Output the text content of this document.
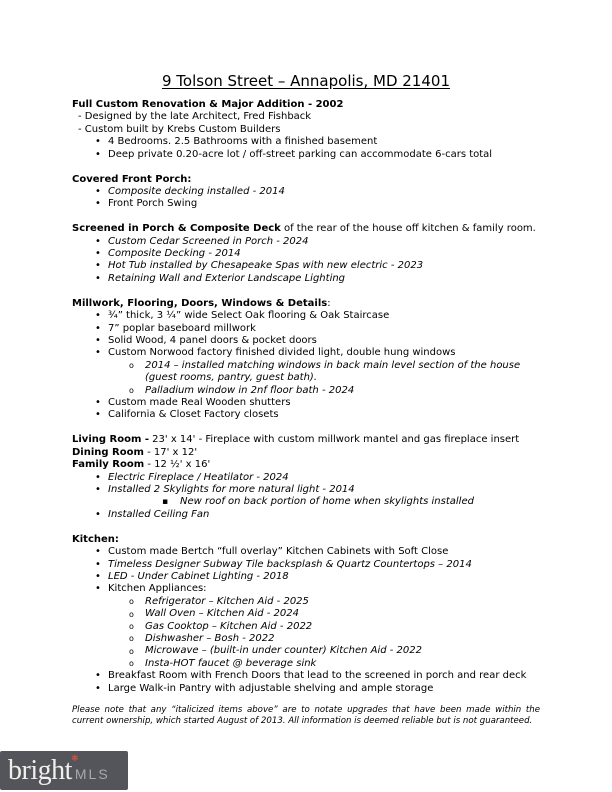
9 Tolson Street – Annapolis, MD 21401
Full Custom Renovation & Major Addition - 2002
- Designed by the late Architect, Fred Fishback
- Custom built by Krebs Custom Builders
• 4 Bedrooms. 2.5 Bathrooms with a finished basement
• Deep private 0.20-acre lot / off-street parking can accommodate 6-cars total
Covered Front Porch:
• Composite decking installed - 2014
• Front Porch Swing
Screened in Porch & Composite Deck of the rear of the house off kitchen & family room.
• Custom Cedar Screened in Porch - 2024
• Composite Decking - 2014
• Hot Tub installed by Chesapeake Spas with new electric - 2023
• Retaining Wall and Exterior Landscape Lighting
Millwork, Flooring, Doors, Windows & Details:
• ¾” thick, 3 ¼” wide Select Oak flooring & Oak Staircase
• 7” poplar baseboard millwork
• Solid Wood, 4 panel doors & pocket doors
• Custom Norwood factory finished divided light, double hung windows
o 2014 – installed matching windows in back main level section of the house
(guest rooms, pantry, guest bath).
o Palladium window in 2nf floor bath - 2024
• Custom made Real Wooden shutters
• California & Closet Factory closets
Living Room - 23' x 14' - Fireplace with custom millwork mantel and gas fireplace insert
Dining Room - 17' x 12'
Family Room - 12 ½' x 16'
• Electric Fireplace / Heatilator - 2024
• Installed 2 Skylights for more natural light - 2014
▪ New roof on back portion of home when skylights installed
• Installed Ceiling Fan
Kitchen:
• Custom made Bertch “full overlay” Kitchen Cabinets with Soft Close
• Timeless Designer Subway Tile backsplash & Quartz Countertops – 2014
• LED - Under Cabinet Lighting - 2018
• Kitchen Appliances:
o Refrigerator – Kitchen Aid - 2025
o Wall Oven – Kitchen Aid - 2024
o Gas Cooktop – Kitchen Aid - 2022
o Dishwasher – Bosh - 2022
o Microwave – (built-in under counter) Kitchen Aid - 2022
o Insta-HOT faucet @ beverage sink
• Breakfast Room with French Doors that lead to the screened in porch and rear deck
• Large Walk-in Pantry with adjustable shelving and ample storage
Please note that any “italicized items above” are to notate upgrades that have been made within the current ownership, which started August of 2013. All information is deemed reliable but is not guaranteed.
bright MLS
✱
